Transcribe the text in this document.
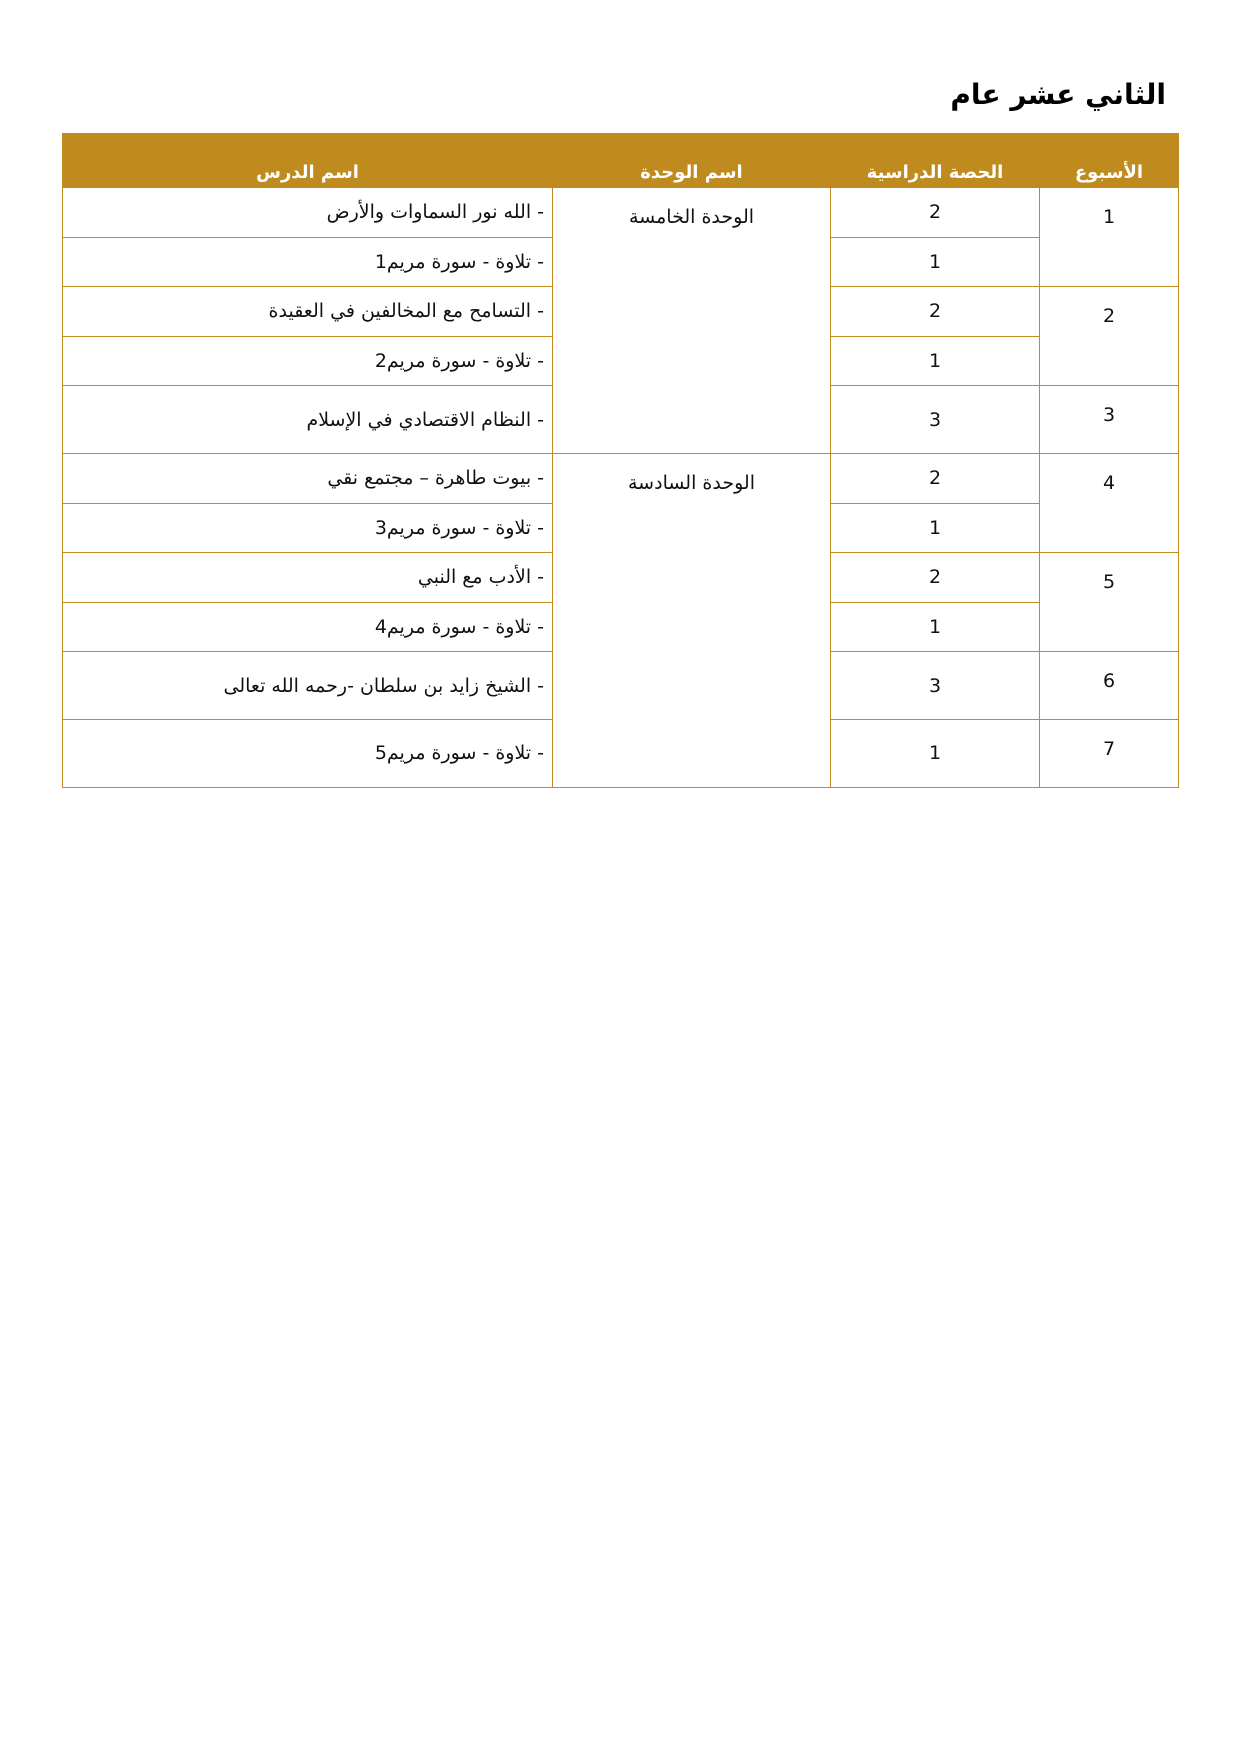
الثاني عشر عام
الأسبوع	الحصة الدراسية	اسم الوحدة	اسم الدرس
1	2	الوحدة الخامسة	- الله نور السماوات والأرض
	1		- تلاوة - سورة مريم1
2	2		- التسامح مع المخالفين في العقيدة
	1		- تلاوة - سورة مريم2
3	3		- النظام الاقتصادي في الإسلام
4	2	الوحدة السادسة	- بيوت طاهرة – مجتمع نقي
	1		- تلاوة - سورة مريم3
5	2		- الأدب مع النبي
	1		- تلاوة - سورة مريم4
6	3		- الشيخ زايد بن سلطان -رحمه الله تعالى
7	1		- تلاوة - سورة مريم5
